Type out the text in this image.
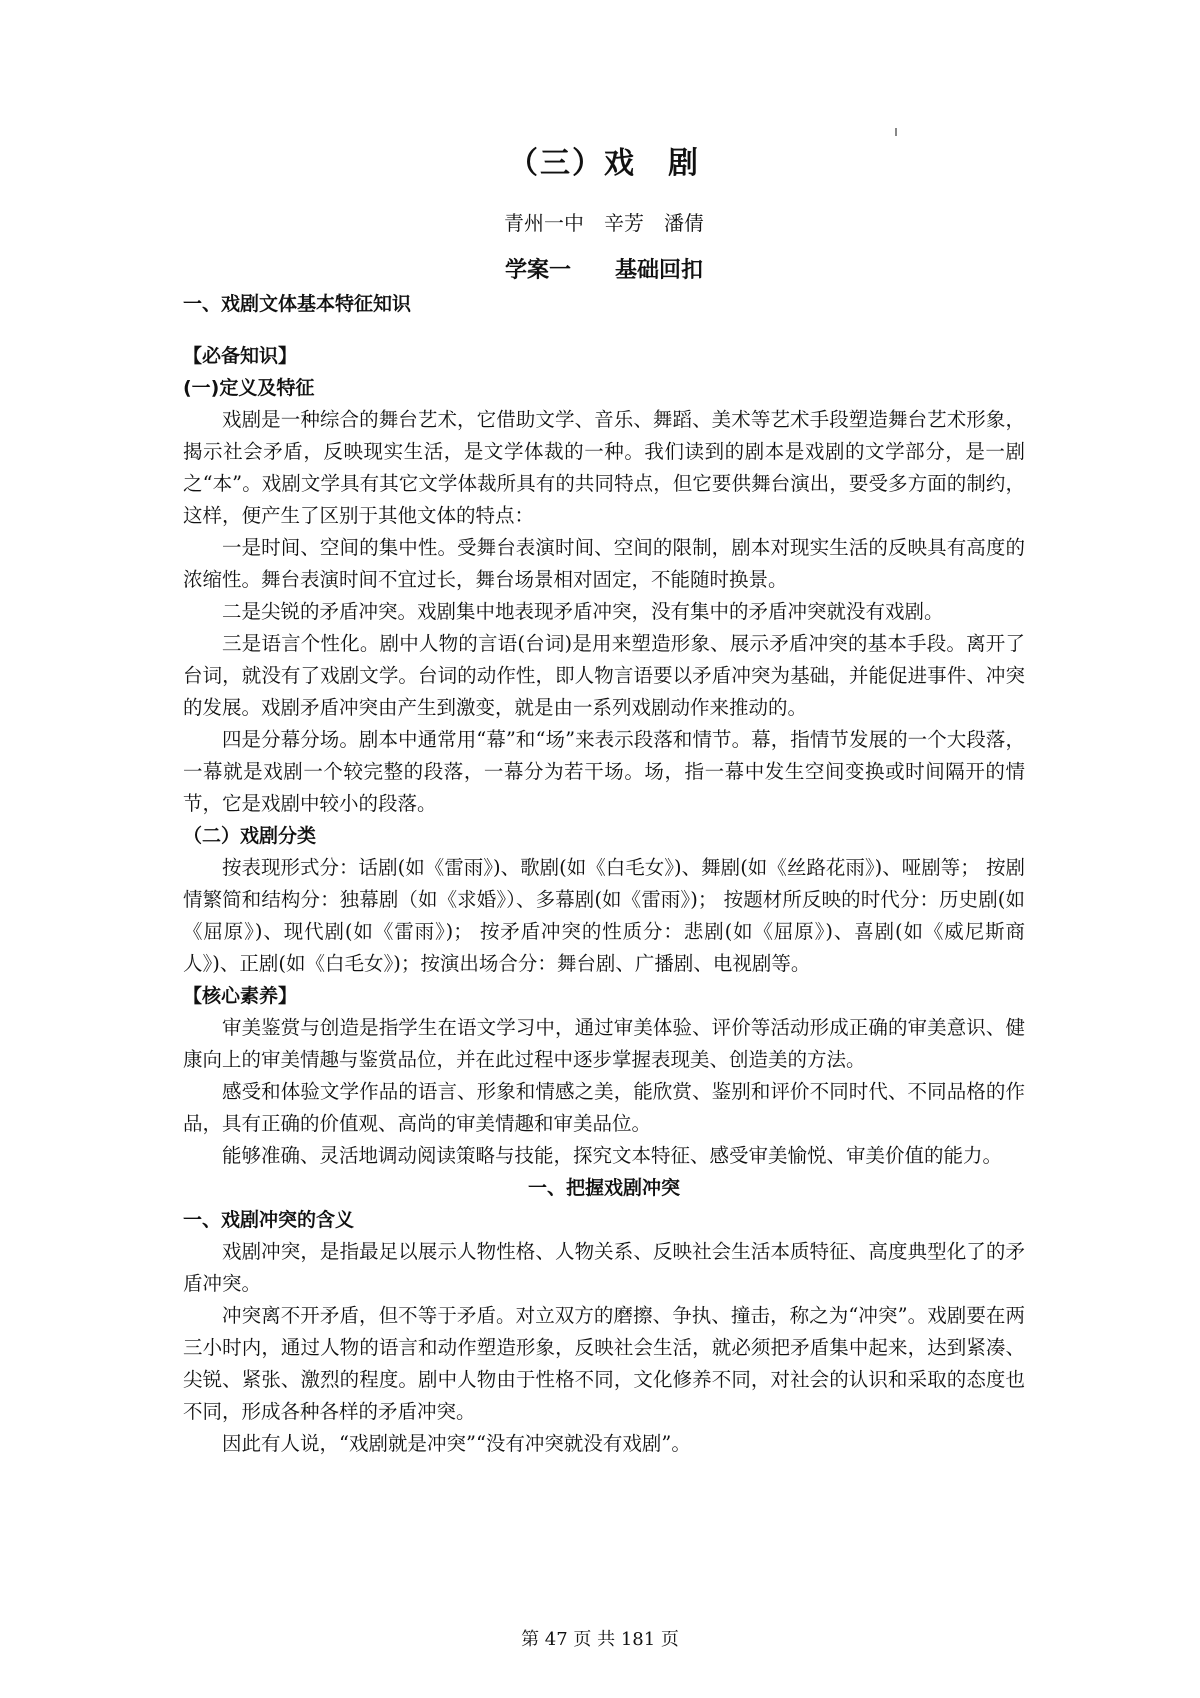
（三）戏　剧
青州一中　辛芳　潘倩
学案一　　基础回扣
一、戏剧文体基本特征知识
【必备知识】
(一)定义及特征

戏剧是一种综合的舞台艺术，它借助文学、音乐、舞蹈、美术等艺术手段塑造舞台艺术形象，揭示社会矛盾，反映现实生活，是文学体裁的一种。我们读到的剧本是戏剧的文学部分，是一剧之“本”。戏剧文学具有其它文学体裁所具有的共同特点，但它要供舞台演出，要受多方面的制约，这样，便产生了区别于其他文体的特点：

一是时间、空间的集中性。受舞台表演时间、空间的限制，剧本对现实生活的反映具有高度的浓缩性。舞台表演时间不宜过长，舞台场景相对固定，不能随时换景。

二是尖锐的矛盾冲突。戏剧集中地表现矛盾冲突，没有集中的矛盾冲突就没有戏剧。

三是语言个性化。剧中人物的言语(台词)是用来塑造形象、展示矛盾冲突的基本手段。离开了台词，就没有了戏剧文学。台词的动作性，即人物言语要以矛盾冲突为基础，并能促进事件、冲突的发展。戏剧矛盾冲突由产生到激变，就是由一系列戏剧动作来推动的。

四是分幕分场。剧本中通常用“幕”和“场”来表示段落和情节。幕，指情节发展的一个大段落，一幕就是戏剧一个较完整的段落，一幕分为若干场。场，指一幕中发生空间变换或时间隔开的情节，它是戏剧中较小的段落。

（二）戏剧分类

按表现形式分：话剧(如《雷雨》)、歌剧(如《白毛女》)、舞剧(如《丝路花雨》)、哑剧等； 按剧情繁简和结构分：独幕剧（如《求婚》）、多幕剧(如《雷雨》)； 按题材所反映的时代分：历史剧(如《屈原》)、现代剧(如《雷雨》)； 按矛盾冲突的性质分：悲剧(如《屈原》)、喜剧(如《威尼斯商人》)、正剧(如《白毛女》)；按演出场合分：舞台剧、广播剧、电视剧等。

【核心素养】

审美鉴赏与创造是指学生在语文学习中，通过审美体验、评价等活动形成正确的审美意识、健康向上的审美情趣与鉴赏品位，并在此过程中逐步掌握表现美、创造美的方法。

感受和体验文学作品的语言、形象和情感之美，能欣赏、鉴别和评价不同时代、不同品格的作品，具有正确的价值观、高尚的审美情趣和审美品位。

能够准确、灵活地调动阅读策略与技能，探究文本特征、感受审美愉悦、审美价值的能力。

一、把握戏剧冲突
一、戏剧冲突的含义

戏剧冲突，是指最足以展示人物性格、人物关系、反映社会生活本质特征、高度典型化了的矛盾冲突。

冲突离不开矛盾，但不等于矛盾。对立双方的磨擦、争执、撞击，称之为“冲突”。戏剧要在两三小时内，通过人物的语言和动作塑造形象，反映社会生活，就必须把矛盾集中起来，达到紧凑、尖锐、紧张、激烈的程度。剧中人物由于性格不同，文化修养不同，对社会的认识和采取的态度也不同，形成各种各样的矛盾冲突。

因此有人说，“戏剧就是冲突”“没有冲突就没有戏剧”。

第 47 页 共 181 页
